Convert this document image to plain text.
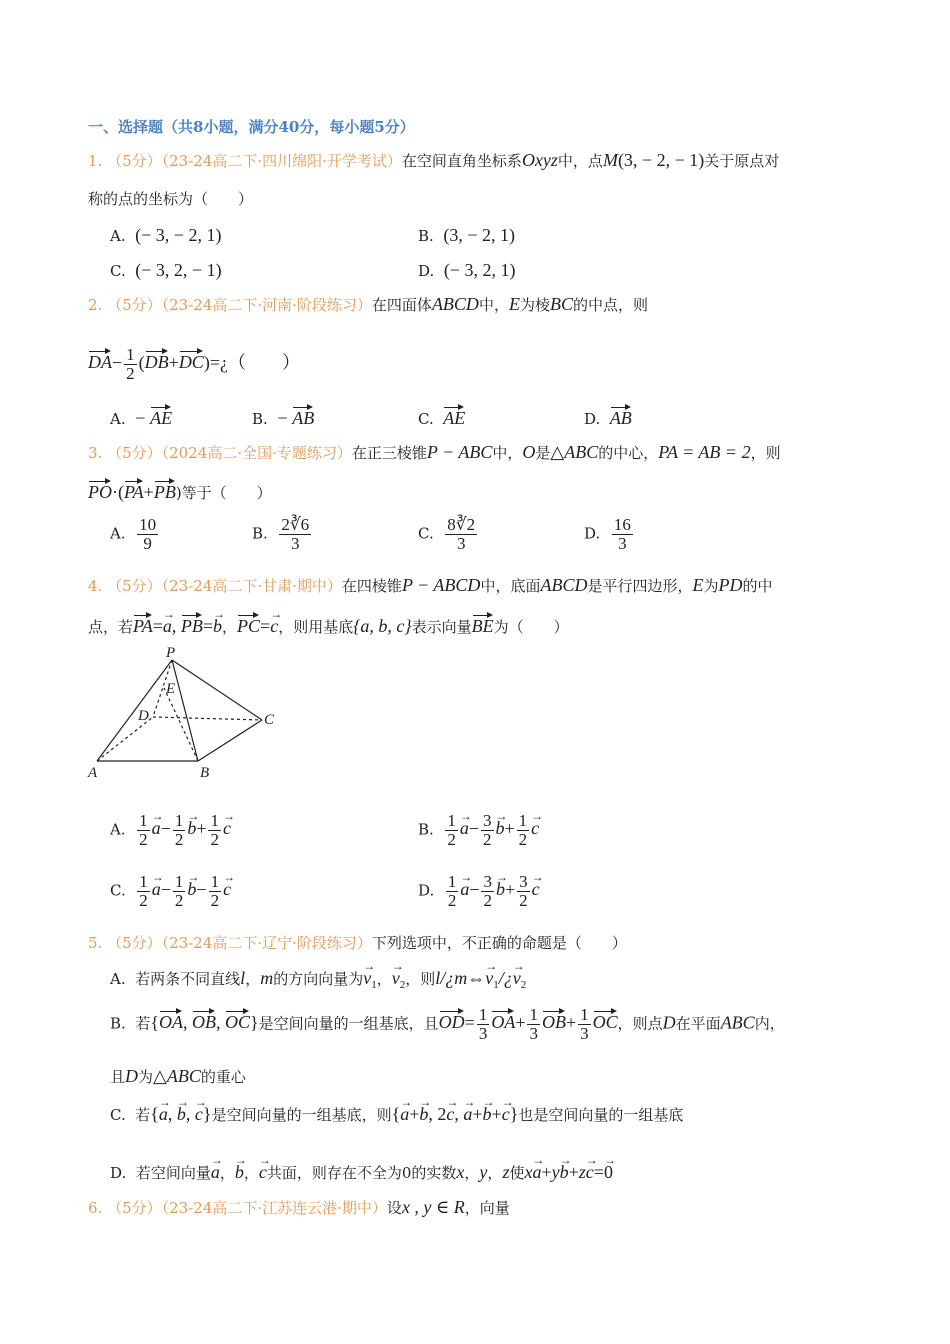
一、选择题（共8小题，满分40分，每小题5分）
1. （5分）（23-24高二下·四川绵阳·开学考试）在空间直角坐标系Oxyz中，点M(3, − 2, − 1)关于原点对
称的点的坐标为（　　）
A. (− 3, − 2, 1)	B. (3, − 2, 1)
C. (− 3, 2, − 1)	D. (− 3, 2, 1)
2. （5分）（23-24高二下·河南·阶段练习）在四面体ABCD中，E为棱BC的中点，则
$DA- \frac{1}{2}$ (DB+DC)=¿（　　）
A. − AE	B. − AB	C. AE	D. AB
3. （5分）（2024高二·全国·专题练习）在正三棱锥P − ABC中，O是△ABC的中心，PA = AB = 2，则
PO·(PA+PB)等于（　　）
A. $\frac{10}{9}$	B. $\frac{2∛6}{3}$	C. $\frac{8∛2}{3}$	D. $\frac{16}{3}$
4. （5分）（23-24高二下·甘肃·期中）在四棱锥P − ABCD中，底面ABCD是平行四边形，E为PD的中
点，若PA=a →, PB=b →，PC=c →，则用基底{a, b, c}表示向量BE为（　　）
P
E
D	C
A	B
A. $\frac{1}{2}$ $a \to- \frac{1}{2}$ $b \to+ \frac{1}{2}$ c →	B. $\frac{1}{2}$ $a \to- \frac{3}{2}$ $b \to+ \frac{1}{2}$ c →
C. $\frac{1}{2}$ $a \to- \frac{1}{2}$ $b \to- \frac{1}{2}$ c →	D. $\frac{1}{2}$ $a \to- \frac{3}{2}$ $b \to+ \frac{3}{2}$ c →
5. （5分）（23-24高二下·辽宁·阶段练习）下列选项中，不正确的命题是（　　）
A. 若两条不同直线l，m的方向向量为$v \to_1$，$v \to_2$，则l/¿m⇔v $\to_1/¿v \to_2$
B. 若{OA, OB, OC}是空间向量的一组基底，且$OD= \frac{1}{3} OA+ \frac{1}{3} OB+ \frac{1}{3}$ OC，则点D在平面ABC内，
且D为△ABC的重心
C. 若{a →, b →, c →}是空间向量的一组基底，则{a →+b →, 2c →, a →+b →+c →}也是空间向量的一组基底
D. 若空间向量a →，b →，c →共面，则存在不全为0的实数x，y，z使xa →+yb →+zc →=0 →
6. （5分）（23-24高二下·江苏连云港·期中）设x , y ∈ R，向量
